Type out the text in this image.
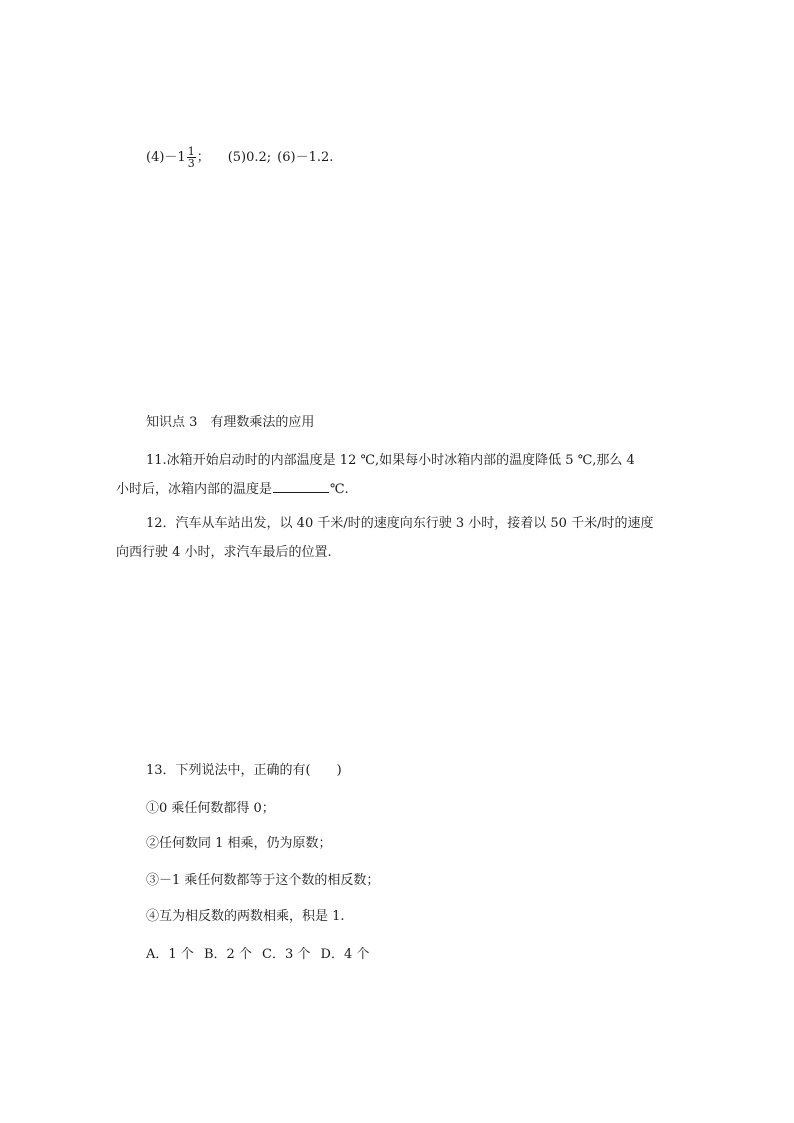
$(4)-1 \frac{1}{3}$ ； (5)0.2; (6)－1.2.
知识点 3　有理数乘法的应用
11.冰箱开始启动时的内部温度是 12 ℃,如果每小时冰箱内部的温度降低 5 ℃,那么 4
小时后，冰箱内部的温度是	℃.
12．汽车从车站出发，以 40 千米/时的速度向东行驶 3 小时，接着以 50 千米/时的速度
向西行驶 4 小时，求汽车最后的位置.
13．下列说法中，正确的有(　　)
①0 乘任何数都得 0；
②任何数同 1 相乘，仍为原数；
③－1 乘任何数都等于这个数的相反数；
④互为相反数的两数相乘，积是 1.
A．1 个 B．2 个 C．3 个 D．4 个
